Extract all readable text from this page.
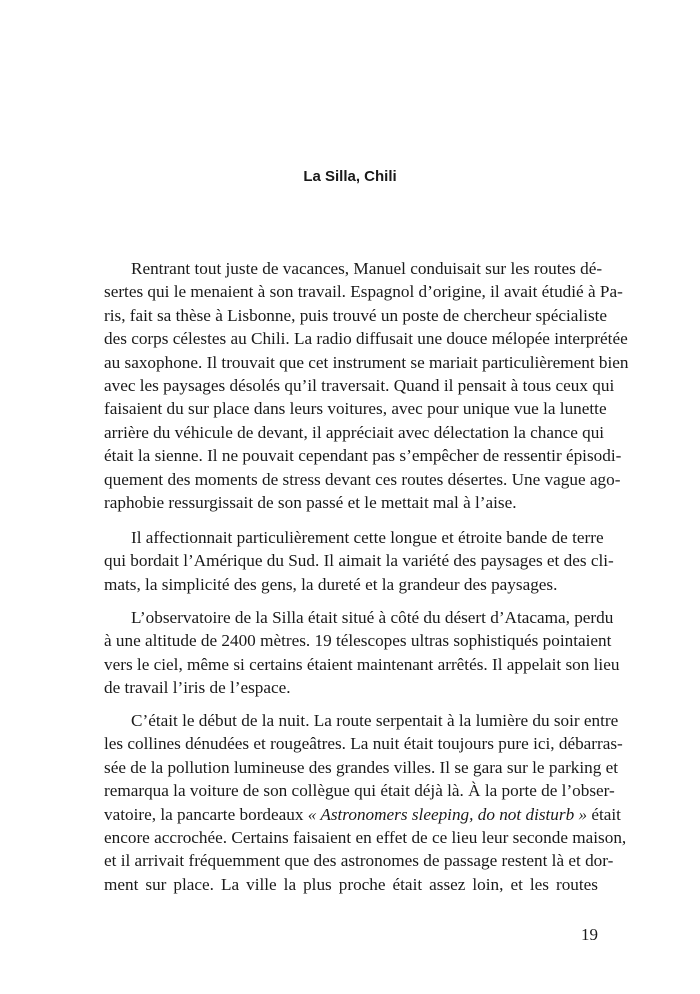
La Silla, Chili
Rentrant tout juste de vacances, Manuel conduisait sur les routes dé-
sertes qui le menaient à son travail. Espagnol d’origine, il avait étudié à Pa-
ris, fait sa thèse à Lisbonne, puis trouvé un poste de chercheur spécialiste
des corps célestes au Chili. La radio diffusait une douce mélopée interprétée
au saxophone. Il trouvait que cet instrument se mariait particulièrement bien
avec les paysages désolés qu’il traversait. Quand il pensait à tous ceux qui
faisaient du sur place dans leurs voitures, avec pour unique vue la lunette
arrière du véhicule de devant, il appréciait avec délectation la chance qui
était la sienne. Il ne pouvait cependant pas s’empêcher de ressentir épisodi-
quement des moments de stress devant ces routes désertes. Une vague ago-
raphobie ressurgissait de son passé et le mettait mal à l’aise.
Il affectionnait particulièrement cette longue et étroite bande de terre
qui bordait l’Amérique du Sud. Il aimait la variété des paysages et des cli-
mats, la simplicité des gens, la dureté et la grandeur des paysages.
L’observatoire de la Silla était situé à côté du désert d’Atacama, perdu
à une altitude de 2400 mètres. 19 télescopes ultras sophistiqués pointaient
vers le ciel, même si certains étaient maintenant arrêtés. Il appelait son lieu
de travail l’iris de l’espace.
C’était le début de la nuit. La route serpentait à la lumière du soir entre
les collines dénudées et rougeâtres. La nuit était toujours pure ici, débarras-
sée de la pollution lumineuse des grandes villes. Il se gara sur le parking et
remarqua la voiture de son collègue qui était déjà là. À la porte de l’obser-
vatoire, la pancarte bordeaux « Astronomers sleeping, do not disturb » était
encore accrochée. Certains faisaient en effet de ce lieu leur seconde maison,
et il arrivait fréquemment que des astronomes de passage restent là et dor-
ment sur place. La ville la plus proche était assez loin, et les routes
19
